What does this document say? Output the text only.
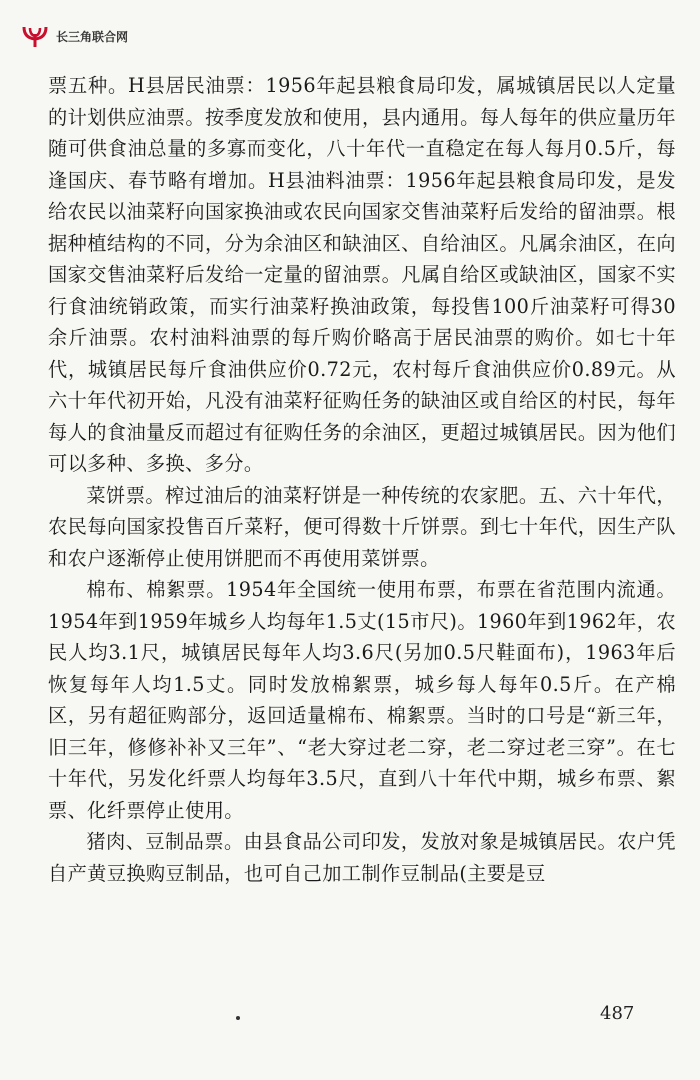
长三角联合网

票五种。H县居民油票：1956年起县粮食局印发，属城镇居民以人定量的计划供应油票。按季度发放和使用，县内通用。每人每年的供应量历年随可供食油总量的多寡而变化，八十年代一直稳定在每人每月0.5斤，每逢国庆、春节略有增加。H县油料油票：1956年起县粮食局印发，是发给农民以油菜籽向国家换油或农民向国家交售油菜籽后发给的留油票。根据种植结构的不同，分为余油区和缺油区、自给油区。凡属余油区，在向国家交售油菜籽后发给一定量的留油票。凡属自给区或缺油区，国家不实行食油统销政策，而实行油菜籽换油政策，每投售100斤油菜籽可得30余斤油票。农村油料油票的每斤购价略高于居民油票的购价。如七十年代，城镇居民每斤食油供应价0.72元，农村每斤食油供应价0.89元。从六十年代初开始，凡没有油菜籽征购任务的缺油区或自给区的村民，每年每人的食油量反而超过有征购任务的余油区，更超过城镇居民。因为他们可以多种、多换、多分。

菜饼票。榨过油后的油菜籽饼是一种传统的农家肥。五、六十年代，农民每向国家投售百斤菜籽，便可得数十斤饼票。到七十年代，因生产队和农户逐渐停止使用饼肥而不再使用菜饼票。

棉布、棉絮票。1954年全国统一使用布票，布票在省范围内流通。1954年到1959年城乡人均每年1.5丈(15市尺)。1960年到1962年，农民人均3.1尺，城镇居民每年人均3.6尺(另加0.5尺鞋面布)，1963年后恢复每年人均1.5丈。同时发放棉絮票，城乡每人每年0.5斤。在产棉区，另有超征购部分，返回适量棉布、棉絮票。当时的口号是“新三年，旧三年，修修补补又三年”、“老大穿过老二穿，老二穿过老三穿”。在七十年代，另发化纤票人均每年3.5尺，直到八十年代中期，城乡布票、絮票、化纤票停止使用。

猪肉、豆制品票。由县食品公司印发，发放对象是城镇居民。农户凭自产黄豆换购豆制品，也可自己加工制作豆制品(主要是豆

487
